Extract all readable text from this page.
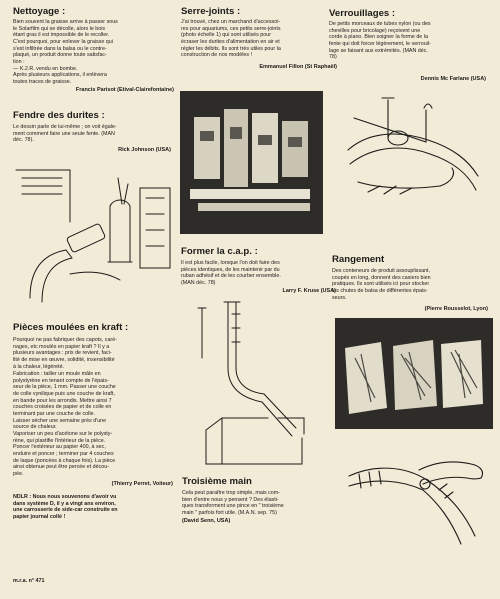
Nettoyage :

Bien souvent la graisse arrive à passer sous

le Solarfilm qui se décolle, alors le bois

étant gras il est impossible de le recoller.

C'est pourquoi, pour enlever la graisse qui

s'est infiltrée dans la balsa ou le contre-

plaqué, un produit donne toute satisfac-

tion :

— K.2.R. vendu en bombe.

Après plusieurs applications, il enlèvera

toutes traces de graisse.

Francis Parisot (Etival-Clairefontaine)
Serre-joints :

J'ai trouvé, chez un marchand d'accessoi-

res pour aquariums, ces petits serre-joints

(photo échelle 1) qui sont utilisés pour

écraser les durites d'alimentation en air et

régler les débits. Ils sont très utiles pour la

construction de nos modèles !

Emmanuel Fillon (St Raphaël)
Verrouillages :

De petits morceaux de tubes nylon (ou des

chevilles pour bricolage) reçoivent une

corde à piano. Bien soigner la forme de la

fente qui doit forcer légèrement, le verrouil-

lage se faisant aux extrémités. (MAN déc.

78)

Dennis Mc Farlane (USA)
Fendre des durites :

Le dessin parle de lui-même ; on voit égale-

ment comment faire une seule fente. (MAN

déc. 78).

Rick Johnson (USA)
Former la c.a.p. :

Il est plus facile, lorsque l'on doit faire des

pièces identiques, de les maintenir par du

ruban adhésif et de les courber ensemble.

(MAN déc. 78)

Larry F. Kruse (USA)
Rangement

Des conteneurs de produit assouplissant,

coupés en long, donnent des casiers bien

pratiques. Ils sont utilisés ici pour stocker

les chutes de balsa de différentes épais-

seurs.

(Pierre Rousselot, Lyon)
Pièces moulées en kraft :

Pourquoi ne pas fabriquer des capots, caré-

nages, etc moulés en papier kraft ? Il y a

plusieurs avantages : prix de revient, faci-

lité de mise en œuvre, solidité, insensibilité

à la chaleur, légèreté.

Fabrication : tailler un moule mâle en

polystyrène en tenant compte de l'épais-

seur de la pièce, 1 mm. Passer une couche

de colle vynilique puis une couche de kraft,

en bande pour les arrondis. Mettre ainsi 7

couches croisées de papier et de colle en

terminant par une couche de colle.

Laisser sécher une semaine près d'une

source de chaleur.

Vaporiser un peu d'acétone sur le polysty-

rène, qui plastifie l'intérieur de la pièce.

Poncer l'extérieur au papier 400, à sec,

enduire et poncer ; terminer par 4 couches

de laque (poncées à chaque fois). La pièce

ainsi obtenue peut être percée et décou-

pée.

(Thierry Perret, Voiteur)

NDLR : Nous nous souvenons d'avoir vu

dans système D, il y a vingt ans environ,

une carrosserie de side-car construite en

papier journal collé !

Troisième main

Cela peut paraître trop simple, mais com-

bien d'entre nous y pensent ? Des élasti-

ques transforment une pince en " troisième

main " parfois fort utile. (M.A.N. sep. 75)

(David Senn, USA)
m.r.a. n° 471
